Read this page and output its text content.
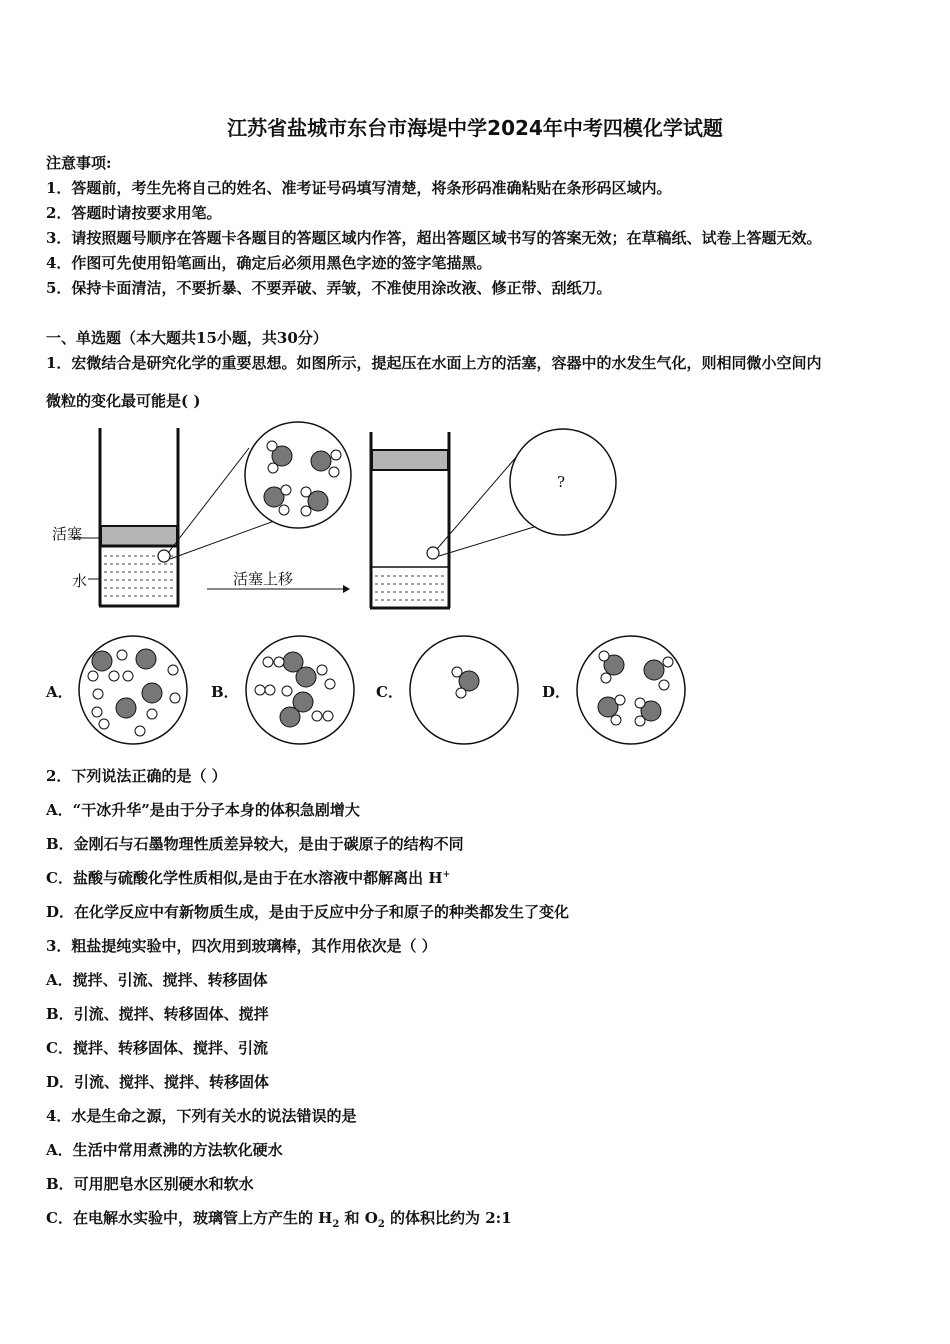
江苏省盐城市东台市海堤中学2024年中考四模化学试题
注意事项:
1．答题前，考生先将自己的姓名、准考证号码填写清楚，将条形码准确粘贴在条形码区域内。
2．答题时请按要求用笔。
3．请按照题号顺序在答题卡各题目的答题区域内作答，超出答题区域书写的答案无效；在草稿纸、试卷上答题无效。
4．作图可先使用铅笔画出，确定后必须用黑色字迹的签字笔描黑。
5．保持卡面清洁，不要折暴、不要弄破、弄皱，不准使用涂改液、修正带、刮纸刀。
一、单选题（本大题共15小题，共30分）
1．宏微结合是研究化学的重要思想。如图所示，提起压在水面上方的活塞，容器中的水发生气化，则相同微小空间内
微粒的变化最可能是( )
活塞
水	活塞上移
?
A．	B．	C．	D．
2．下列说法正确的是（ ）
A．“干冰升华”是由于分子本身的体积急剧增大
B．金刚石与石墨物理性质差异较大，是由于碳原子的结构不同
C．盐酸与硫酸化学性质相似,是由于在水溶液中都解离出 H+
D．在化学反应中有新物质生成，是由于反应中分子和原子的种类都发生了变化
3．粗盐提纯实验中，四次用到玻璃棒，其作用依次是（ ）
A．搅拌、引流、搅拌、转移固体
B．引流、搅拌、转移固体、搅拌
C．搅拌、转移固体、搅拌、引流
D．引流、搅拌、搅拌、转移固体
4．水是生命之源，下列有关水的说法错误的是
A．生活中常用煮沸的方法软化硬水
B．可用肥皂水区别硬水和软水
C．在电解水实验中，玻璃管上方产生的 $H_2$ 和 $O_2$ 的体积比约为 2:1
